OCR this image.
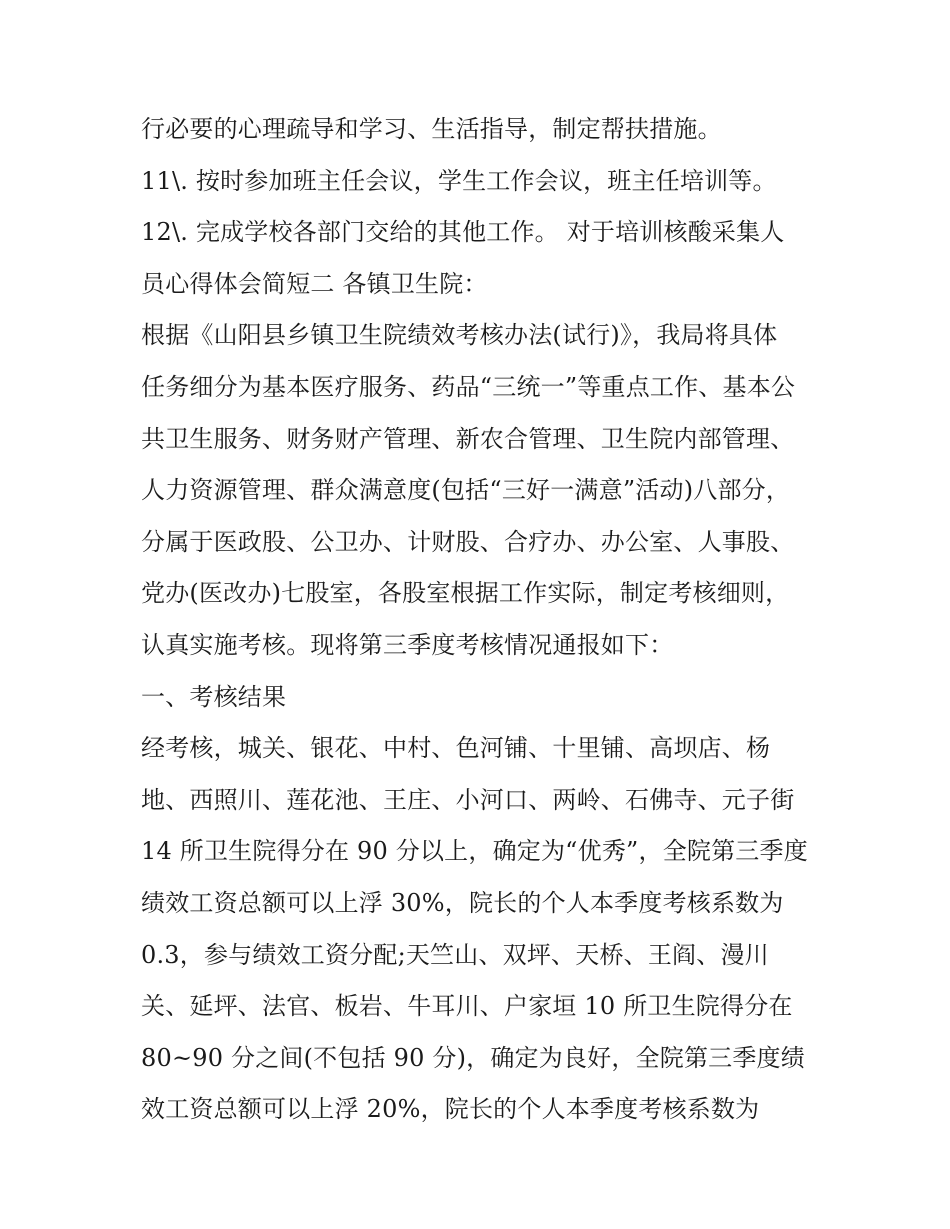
行必要的心理疏导和学习、生活指导，制定帮扶措施。
11\. 按时参加班主任会议，学生工作会议，班主任培训等。
12\. 完成学校各部门交给的其他工作。 对于培训核酸采集人
员心得体会简短二 各镇卫生院：
根据《山阳县乡镇卫生院绩效考核办法(试行)》，我局将具体
任务细分为基本医疗服务、药品“三统一”等重点工作、基本公
共卫生服务、财务财产管理、新农合管理、卫生院内部管理、
人力资源管理、群众满意度(包括“三好一满意”活动)八部分，
分属于医政股、公卫办、计财股、合疗办、办公室、人事股、
党办(医改办)七股室，各股室根据工作实际，制定考核细则，
认真实施考核。现将第三季度考核情况通报如下：
一、考核结果
经考核，城关、银花、中村、色河铺、十里铺、高坝店、杨
地、西照川、莲花池、王庄、小河口、两岭、石佛寺、元子街
14 所卫生院得分在 90 分以上，确定为“优秀”，全院第三季度
绩效工资总额可以上浮 30%，院长的个人本季度考核系数为
0.3，参与绩效工资分配;天竺山、双坪、天桥、王阎、漫川
关、延坪、法官、板岩、牛耳川、户家垣 10 所卫生院得分在
80~90 分之间(不包括 90 分)，确定为良好，全院第三季度绩
效工资总额可以上浮 20%，院长的个人本季度考核系数为
